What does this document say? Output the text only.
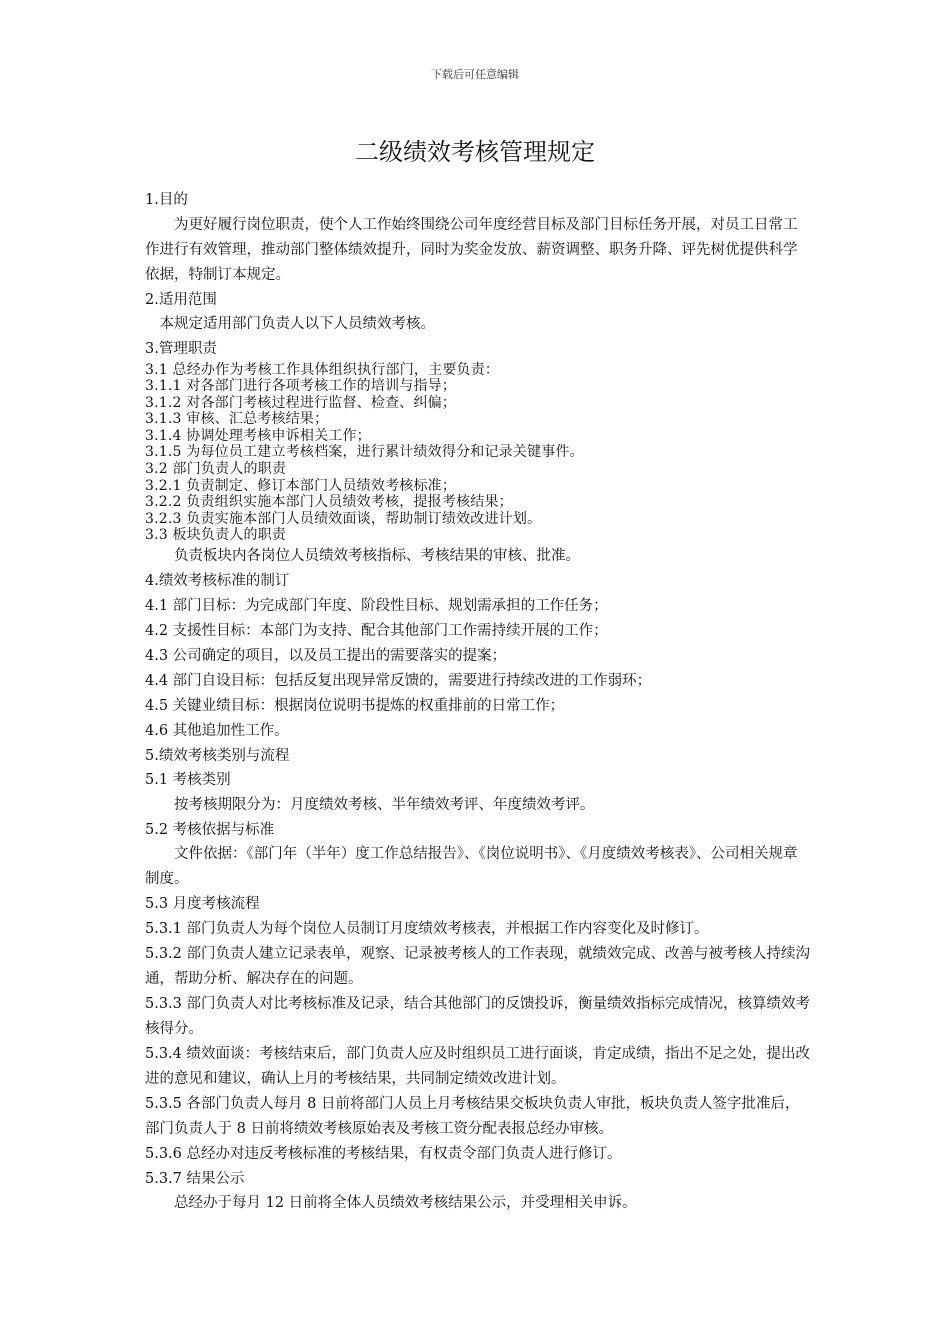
下载后可任意编辑
二级绩效考核管理规定

1.目的

为更好履行岗位职责，使个人工作始终围绕公司年度经营目标及部门目标任务开展，对员工日常工作进行有效管理，推动部门整体绩效提升，同时为奖金发放、薪资调整、职务升降、评先树优提供科学依据，特制订本规定。

2.适用范围

本规定适用部门负责人以下人员绩效考核。

3.管理职责

3.1 总经办作为考核工作具体组织执行部门，主要负责：

3.1.1 对各部门进行各项考核工作的培训与指导；

3.1.2 对各部门考核过程进行监督、检查、纠偏；

3.1.3 审核、汇总考核结果；

3.1.4 协调处理考核申诉相关工作；

3.1.5 为每位员工建立考核档案，进行累计绩效得分和记录关键事件。

3.2 部门负责人的职责

3.2.1 负责制定、修订本部门人员绩效考核标准；

3.2.2 负责组织实施本部门人员绩效考核，提报考核结果；

3.2.3 负责实施本部门人员绩效面谈，帮助制订绩效改进计划。

3.3 板块负责人的职责

负责板块内各岗位人员绩效考核指标、考核结果的审核、批准。

4.绩效考核标准的制订

4.1 部门目标：为完成部门年度、阶段性目标、规划需承担的工作任务；

4.2 支援性目标：本部门为支持、配合其他部门工作需持续开展的工作；

4.3 公司确定的项目，以及员工提出的需要落实的提案；

4.4 部门自设目标：包括反复出现异常反馈的，需要进行持续改进的工作弱环；

4.5 关键业绩目标：根据岗位说明书提炼的权重排前的日常工作；

4.6 其他追加性工作。

5.绩效考核类别与流程

5.1 考核类别

按考核期限分为：月度绩效考核、半年绩效考评、年度绩效考评。

5.2 考核依据与标准

文件依据：《部门年（半年）度工作总结报告》、《岗位说明书》、《月度绩效考核表》、公司相关规章制度。

5.3 月度考核流程

5.3.1 部门负责人为每个岗位人员制订月度绩效考核表，并根据工作内容变化及时修订。

5.3.2 部门负责人建立记录表单，观察、记录被考核人的工作表现，就绩效完成、改善与被考核人持续沟通，帮助分析、解决存在的问题。

5.3.3 部门负责人对比考核标准及记录，结合其他部门的反馈投诉，衡量绩效指标完成情况，核算绩效考核得分。

5.3.4 绩效面谈：考核结束后，部门负责人应及时组织员工进行面谈，肯定成绩，指出不足之处，提出改进的意见和建议，确认上月的考核结果，共同制定绩效改进计划。

5.3.5 各部门负责人每月 8 日前将部门人员上月考核结果交板块负责人审批，板块负责人签字批准后，部门负责人于 8 日前将绩效考核原始表及考核工资分配表报总经办审核。

5.3.6 总经办对违反考核标准的考核结果，有权责令部门负责人进行修订。

5.3.7 结果公示

总经办于每月 12 日前将全体人员绩效考核结果公示，并受理相关申诉。
